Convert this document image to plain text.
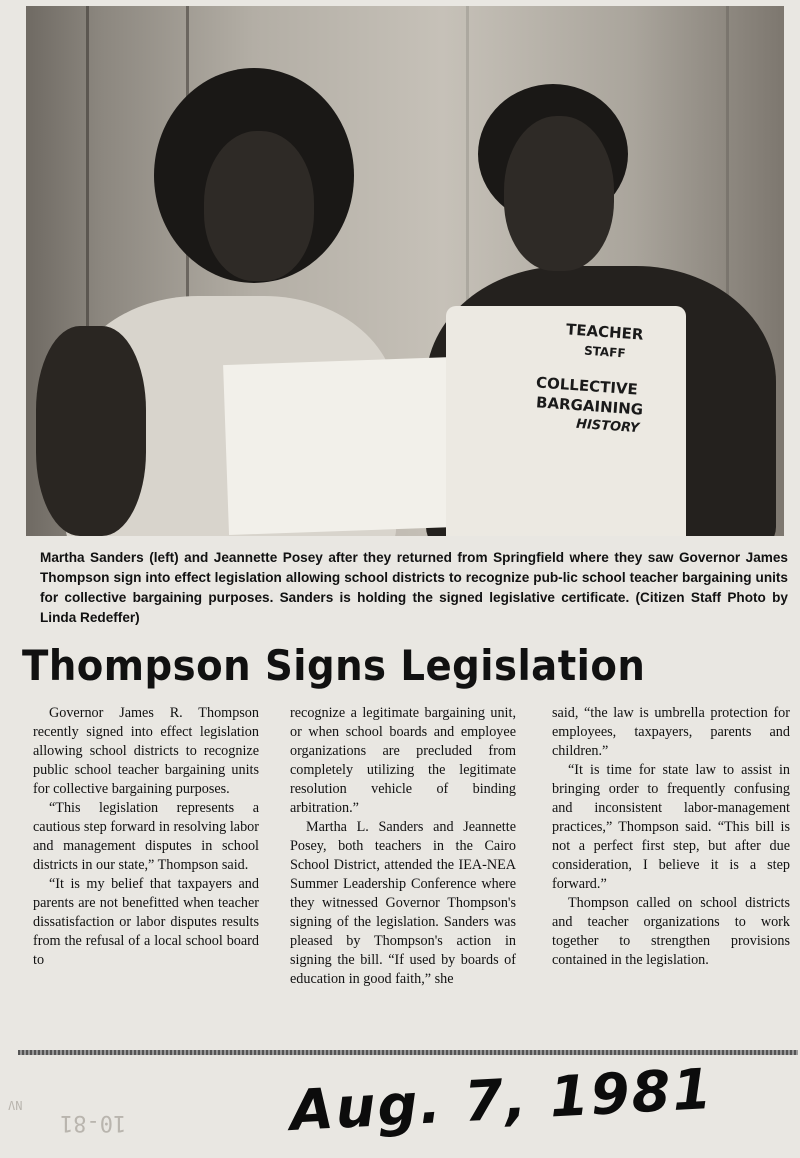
TEACHER
STAFF
COLLECTIVE
BARGAINING
HISTORY
Martha Sanders (left) and Jeannette Posey after they returned from Springfield where they saw Governor James Thompson sign into effect legislation allowing school districts to recognize pub-lic school teacher bargaining units for collective bargaining purposes. Sanders is holding the signed legislative certificate. (Citizen Staff Photo by Linda Redeffer)
Thompson Signs Legislation

Governor James R. Thompson recently signed into effect legislation allowing school districts to recognize public school teacher bargaining units for collective bargaining purposes.

“This legislation represents a cautious step forward in resolving labor and management disputes in school districts in our state,” Thompson said.

“It is my belief that taxpayers and parents are not benefitted when teacher dissatisfaction or labor disputes results from the refusal of a local school board to

recognize a legitimate bargaining unit, or when school boards and employee organizations are precluded from completely utilizing the legitimate resolution vehicle of binding arbitration.”

Martha L. Sanders and Jeannette Posey, both teachers in the Cairo School District, attended the IEA-NEA Summer Leadership Conference where they witnessed Governor Thompson's signing of the legislation. Sanders was pleased by Thompson's action in signing the bill. “If used by boards of education in good faith,” she

said, “the law is umbrella protection for employees, taxpayers, parents and children.”

“It is time for state law to assist in bringing order to frequently confusing and inconsistent labor-management practices,” Thompson said. “This bill is not a perfect first step, but after due consideration, I believe it is a step forward.”

Thompson called on school districts and teacher organizations to work together to strengthen provisions contained in the legislation.

Aug. 7, 1981
10-81
NV
